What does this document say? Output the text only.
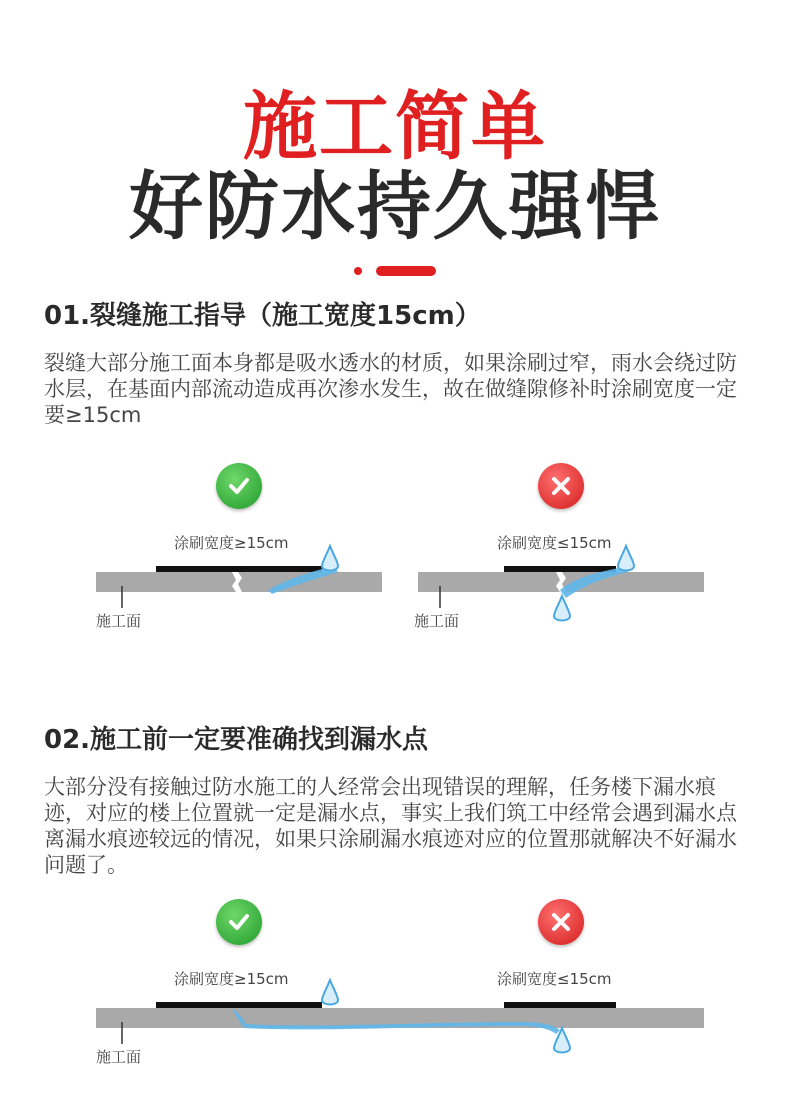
施工简单
好防水持久强悍
01.裂缝施工指导（施工宽度15cm）

裂缝大部分施工面本身都是吸水透水的材质，如果涂刷过窄，雨水会绕过防水层，在基面内部流动造成再次渗水发生，故在做缝隙修补时涂刷宽度一定要≥15cm

涂刷宽度≥15cm	涂刷宽度≤15cm
施工面	施工面
02.施工前一定要准确找到漏水点

大部分没有接触过防水施工的人经常会出现错误的理解，任务楼下漏水痕迹，对应的楼上位置就一定是漏水点，事实上我们筑工中经常会遇到漏水点离漏水痕迹较远的情况，如果只涂刷漏水痕迹对应的位置那就解决不好漏水问题了。

涂刷宽度≥15cm	涂刷宽度≤15cm
施工面
